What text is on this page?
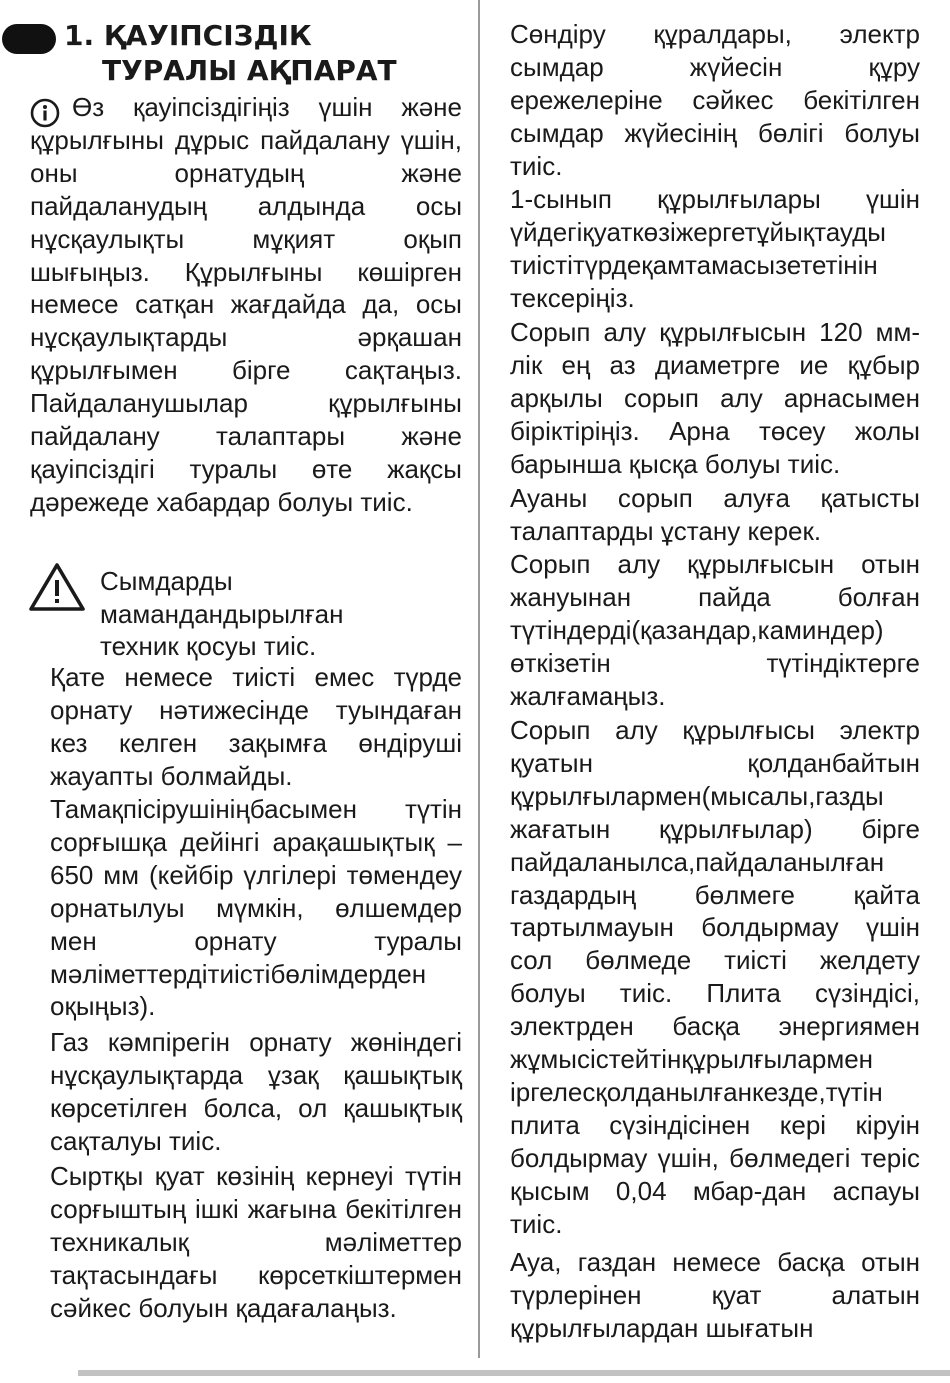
1. ҚАУІПСІЗДІК
ТУРАЛЫ АҚПАРАТ

Өз қауіпсіздігіңіз үшін және құрылғыны дұрыс пайдалану үшін, оны орнатудың және пайдаланудың алдында осы нұсқаулықты мұқият оқып шығыңыз. Құрылғыны көшірген немесе сатқан жағдайда да, осы нұсқаулықтарды әрқашан құрылғымен бірге сақтаңыз. Пайдаланушылар құрылғыны пайдалану талаптары және қауіпсіздігі туралы өте жақсы дәрежеде хабардар болуы тиіс.

Сымдарды
мамандандырылған
техник қосуы тиіс.

Қате немесе тиісті емес түрде орнату нәтижесінде туындаған кез келген зақымға өндіруші жауапты болмайды.

Тамақпісірушініңбасымен түтін сорғышқа дейінгі арақашықтық – 650 мм (кейбір үлгілері төмендеу орнатылуы мүмкін, өлшемдер мен орнату туралы мәліметтердітиістібөлімдерден оқыңыз).

Газ кәмпірегін орнату жөніндегі нұсқаулықтарда ұзақ қашықтық көрсетілген болса, ол қашықтық сақталуы тиіс.

Сыртқы қуат көзінің кернеуі түтін сорғыштың ішкі жағына бекітілген техникалық мәліметтер тақтасындағы көрсеткіштермен сәйкес болуын қадағалаңыз.

Сөндіру құралдары, электр сымдар жүйесін құру ережелеріне сәйкес бекітілген сымдар жүйесінің бөлігі болуы тиіс.

1-сынып құрылғылары үшін үйдегіқуаткөзіжергетұйықтауды тиістітүрдеқамтамасызететінін тексеріңіз.

Сорып алу құрылғысын 120 мм-лік ең аз диаметрге ие құбыр арқылы сорып алу арнасымен біріктіріңіз. Арна төсеу жолы барынша қысқа болуы тиіс.

Ауаны сорып алуға қатысты талаптарды ұстану керек.

Сорып алу құрылғысын отын жануынан пайда болған түтіндерді(қазандар,каминдер) өткізетін түтіндіктерге жалғамаңыз.

Сорып алу құрылғысы электр қуатын қолданбайтын құрылғылармен(мысалы,газды жағатын құрылғылар) бірге пайдаланылса,пайдаланылған газдардың бөлмеге қайта тартылмауын болдырмау үшін сол бөлмеде тиісті желдету болуы тиіс. Плита сүзіндісі, электрден басқа энергиямен жұмысістейтінқұрылғылармен іргелесқолданылғанкезде,түтін плита сүзіндісінен кері кіруін болдырмау үшін, бөлмедегі теріс қысым 0,04 мбар-дан аспауы тиіс.

Ауа, газдан немесе басқа отын түрлерінен қуат алатын құрылғылардан шығатын
